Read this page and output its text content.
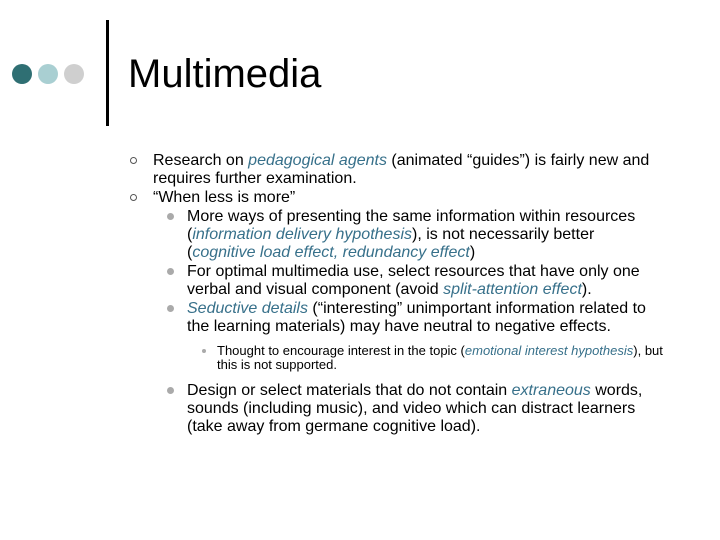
Multimedia
Research on pedagogical agents (animated “guides”) is fairly new and requires further examination.
“When less is more”
More ways of presenting the same information within resources (information delivery hypothesis), is not necessarily better (cognitive load effect, redundancy effect)
For optimal multimedia use, select resources that have only one verbal and visual component (avoid split-attention effect).
Seductive details (“interesting” unimportant information related to the learning materials) may have neutral to negative effects.
Thought to encourage interest in the topic (emotional interest hypothesis), but this is not supported.
Design or select materials that do not contain extraneous words, sounds (including music), and video which can distract learners (take away from germane cognitive load).
